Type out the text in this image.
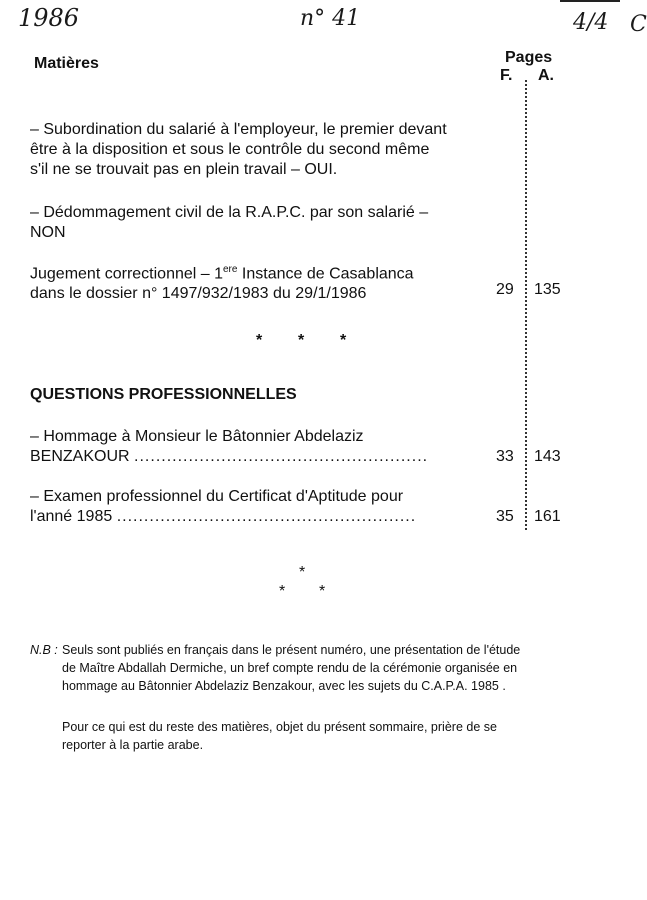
1986	n° 41	4/4 C
Matières	Pages
F. A.
– Subordination du salarié à l'employeur, le premier devant
être à la disposition et sous le contrôle du second même
s'il ne se trouvait pas en plein travail – OUI.
– Dédommagement civil de la R.A.P.C. par son salarié –
NON
Jugement correctionnel – 1ere Instance de Casablanca
dans le dossier n° 1497/932/1983 du 29/1/1986	29 135
* * *
QUESTIONS PROFESSIONNELLES
– Hommage à Monsieur le Bâtonnier Abdelaziz
BENZAKOUR ......................................................	33 143
– Examen professionnel du Certificat d'Aptitude pour
l'anné 1985 .......................................................	35 161
*
* *
N.B : Seuls sont publiés en français dans le présent numéro, une présentation de l'étude
de Maître Abdallah Dermiche, un bref compte rendu de la cérémonie organisée en
hommage au Bâtonnier Abdelaziz Benzakour, avec les sujets du C.A.P.A. 1985 .
Pour ce qui est du reste des matières, objet du présent sommaire, prière de se
reporter à la partie arabe.
